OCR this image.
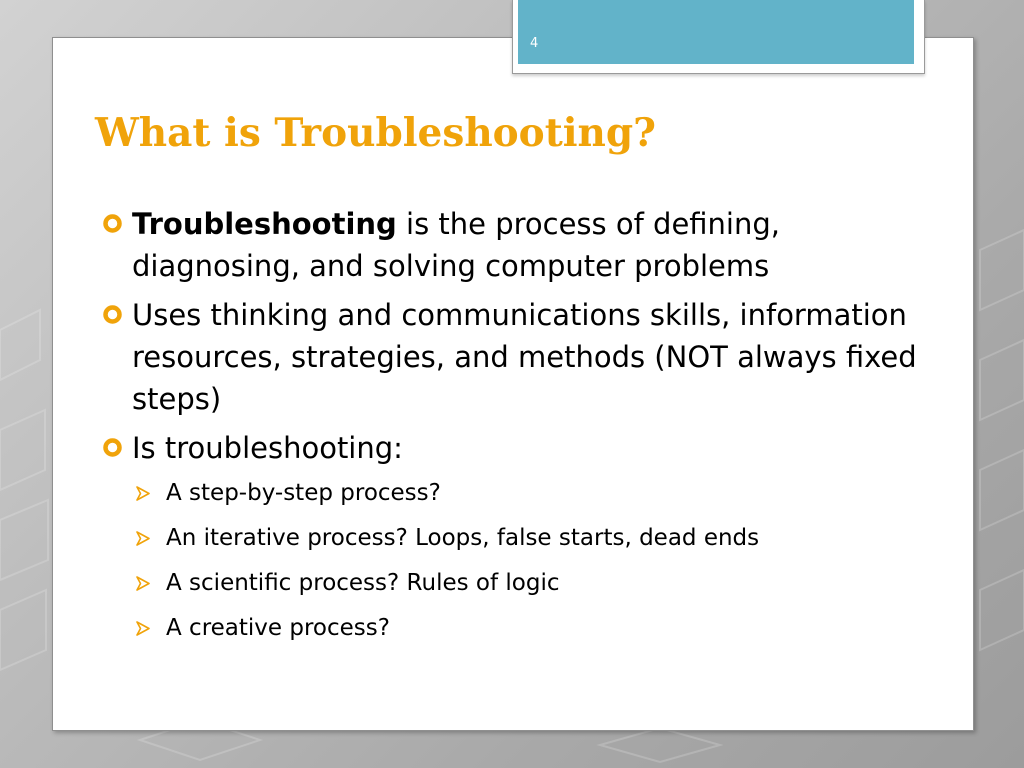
4
What is Troubleshooting?
Troubleshooting is the process of defining, diagnosing, and solving computer problems
Uses thinking and communications skills, information resources, strategies, and methods (NOT always fixed steps)
Is troubleshooting:
A step-by-step process?
An iterative process? Loops, false starts, dead ends
A scientific process? Rules of logic
A creative process?
